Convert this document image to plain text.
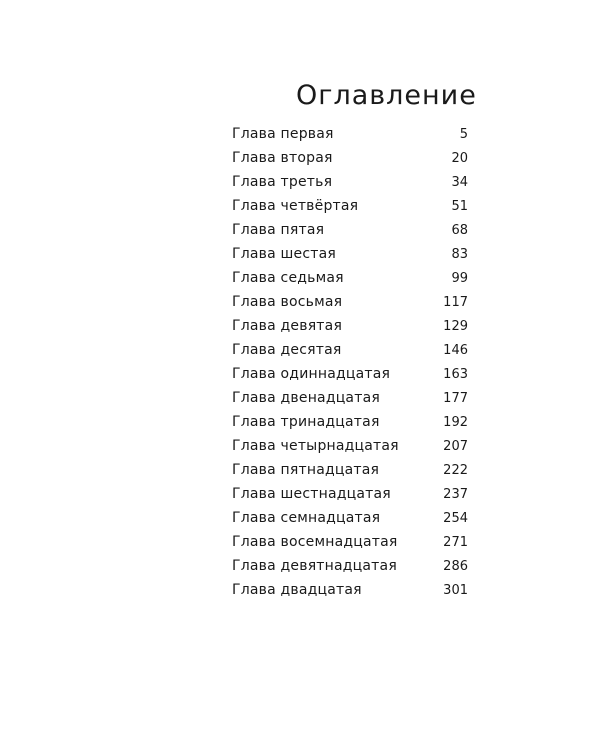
Оглавление
Глава первая	5
Глава вторая	20
Глава третья	34
Глава четвёртая	51
Глава пятая	68
Глава шестая	83
Глава седьмая	99
Глава восьмая	117
Глава девятая	129
Глава десятая	146
Глава одиннадцатая	163
Глава двенадцатая	177
Глава тринадцатая	192
Глава четырнадцатая	207
Глава пятнадцатая	222
Глава шестнадцатая	237
Глава семнадцатая	254
Глава восемнадцатая	271
Глава девятнадцатая	286
Глава двадцатая	301
